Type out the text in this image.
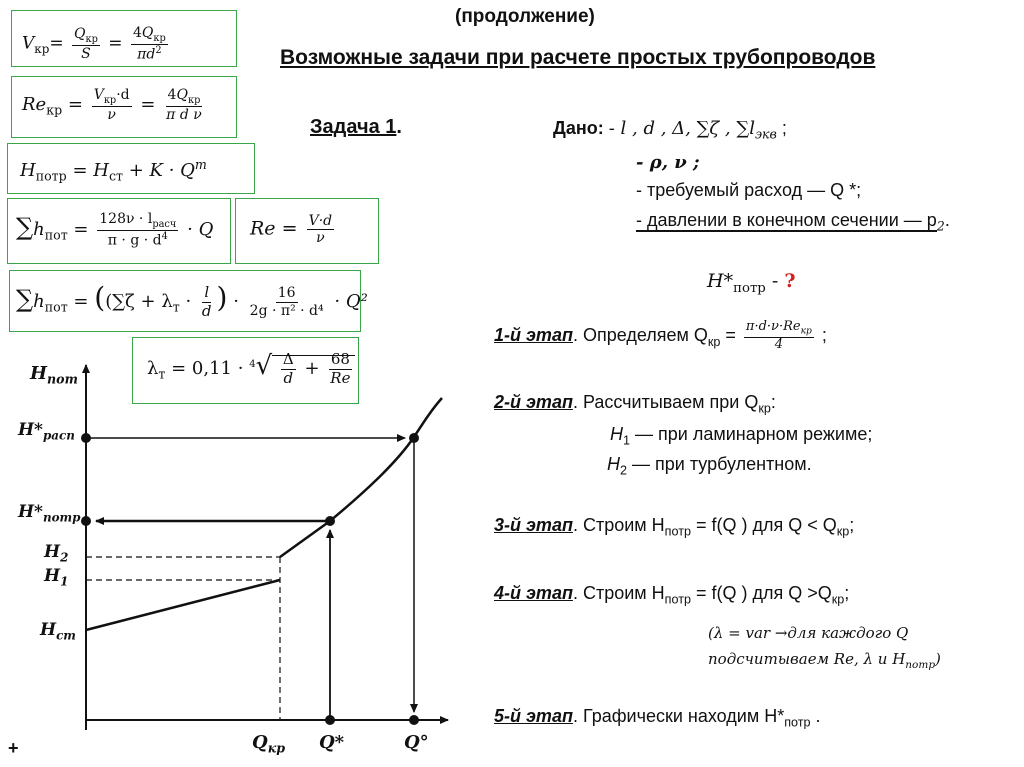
(продолжение)
Возможные задачи при расчете простых трубопроводов
$V_{кр}= \frac{Q_{кр}}{S} = \frac{4Q_{кр}}{\pi d^2}$
$Re_{кр} = \frac{V_{кр}\cdot d}{\nu} = \frac{4Q_{кр}}{\text{π d ν}}$
$H_{потр} = H_{ст} + K \cdot Q^m$
$\sum h_{пот} = \frac{128\nu \cdot l_{расч}}{\pi \cdot g \cdot d^4} \cdot Q$ $Re = \frac{V\cdot d}{\nu}$
$\sum h_{пот} = ((\sum\zeta + \lambda_т \cdot \frac{l}{d}$ ) · $\frac{16}{\text{2g · π² · d⁴}} \cdot Q^2$
$\lambda_т = 0,11 \cdot ^4√ \frac{\Delta}{d} + \frac{68}{Re}$
Задача 1.	Дано: - l , d , Δ, ∑ζ , $\sum l_{экв}$ ;
- ρ, ν ;
- требуемый расход — Q *;
- давлении в конечном сечении — $p_2$.
$H*_{потр}$ - ?
1-й этап. Определяем $Q_{кр} = \frac{\pi\cdot d\cdot\nu\cdot Re_{кр}}{4}$ ;
2-й этап. Рассчитываем при $Q_{кр}$:
$H_1$ — при ламинарном режиме;
$H_2$ — при турбулентном.
3-й этап. Строим $H_{потр} = f(Q$ ) для $Q < Q_{кр}$;
4-й этап. Строим $H_{потр} = f(Q$ ) для $Q >Q_{кр}$;
(λ = var →для каждого Q
подсчитываем Re, λ и $H_{потр}$)
5-й этап. Графически находим $H*_{потр}$ .
$H_{пот}$
$H*_{расп}$
$H*_{потр}$
$H_2$
$H_1$
$H_{ст}$
$Q_{кр}$ Q*	Q°
+
